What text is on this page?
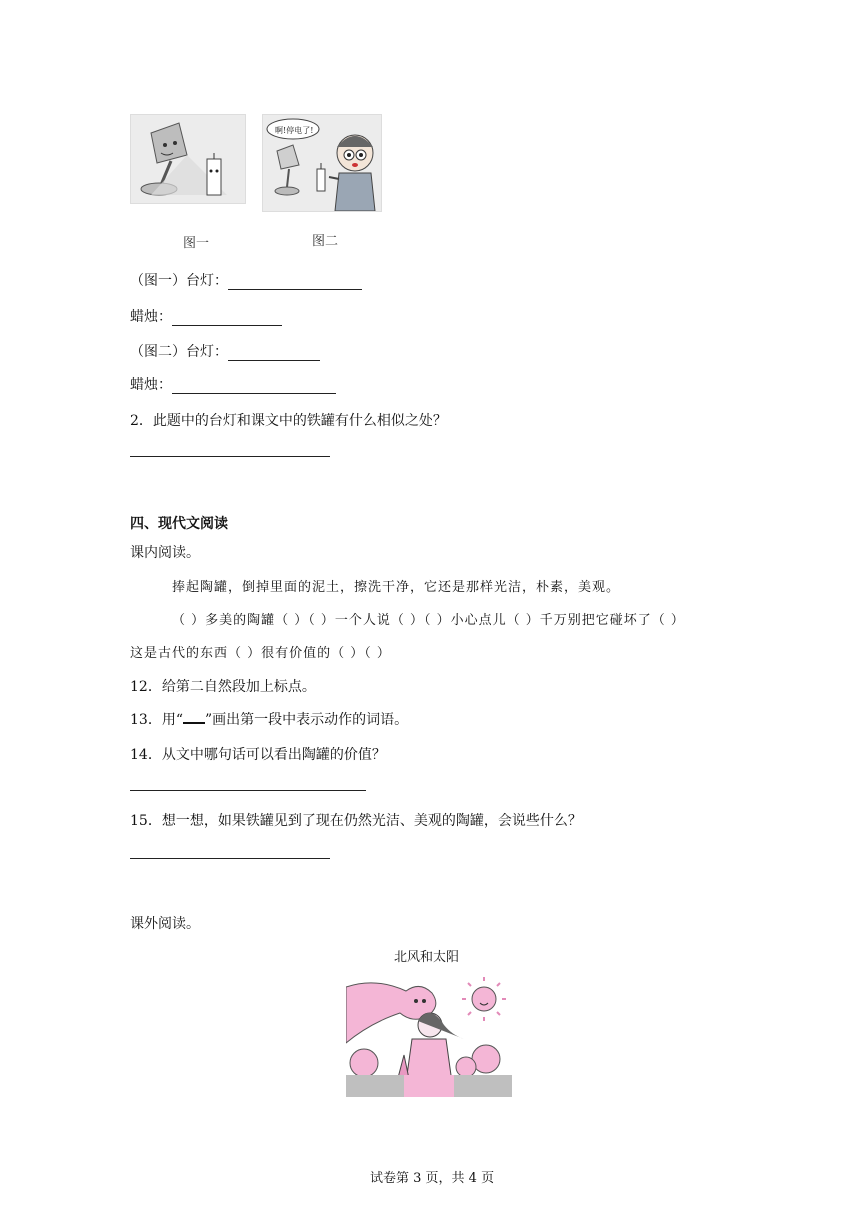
图一
啊!停电了!
图二
（图一）台灯：
蜡烛：
（图二）台灯：
蜡烛：
2．此题中的台灯和课文中的铁罐有什么相似之处？
四、现代文阅读
课内阅读。
捧起陶罐，倒掉里面的泥土，擦洗干净，它还是那样光洁，朴素，美观。
（ ）多美的陶罐（ ）（ ）一个人说（ ）（ ）小心点儿（ ）千万别把它碰坏了（ ）
这是古代的东西（ ）很有价值的（ ）（ ）
12．给第二自然段加上标点。
13．用“ ”画出第一段中表示动作的词语。
14．从文中哪句话可以看出陶罐的价值？
15．想一想，如果铁罐见到了现在仍然光洁、美观的陶罐，会说些什么？
课外阅读。
北风和太阳
试卷第 3 页，共 4 页
